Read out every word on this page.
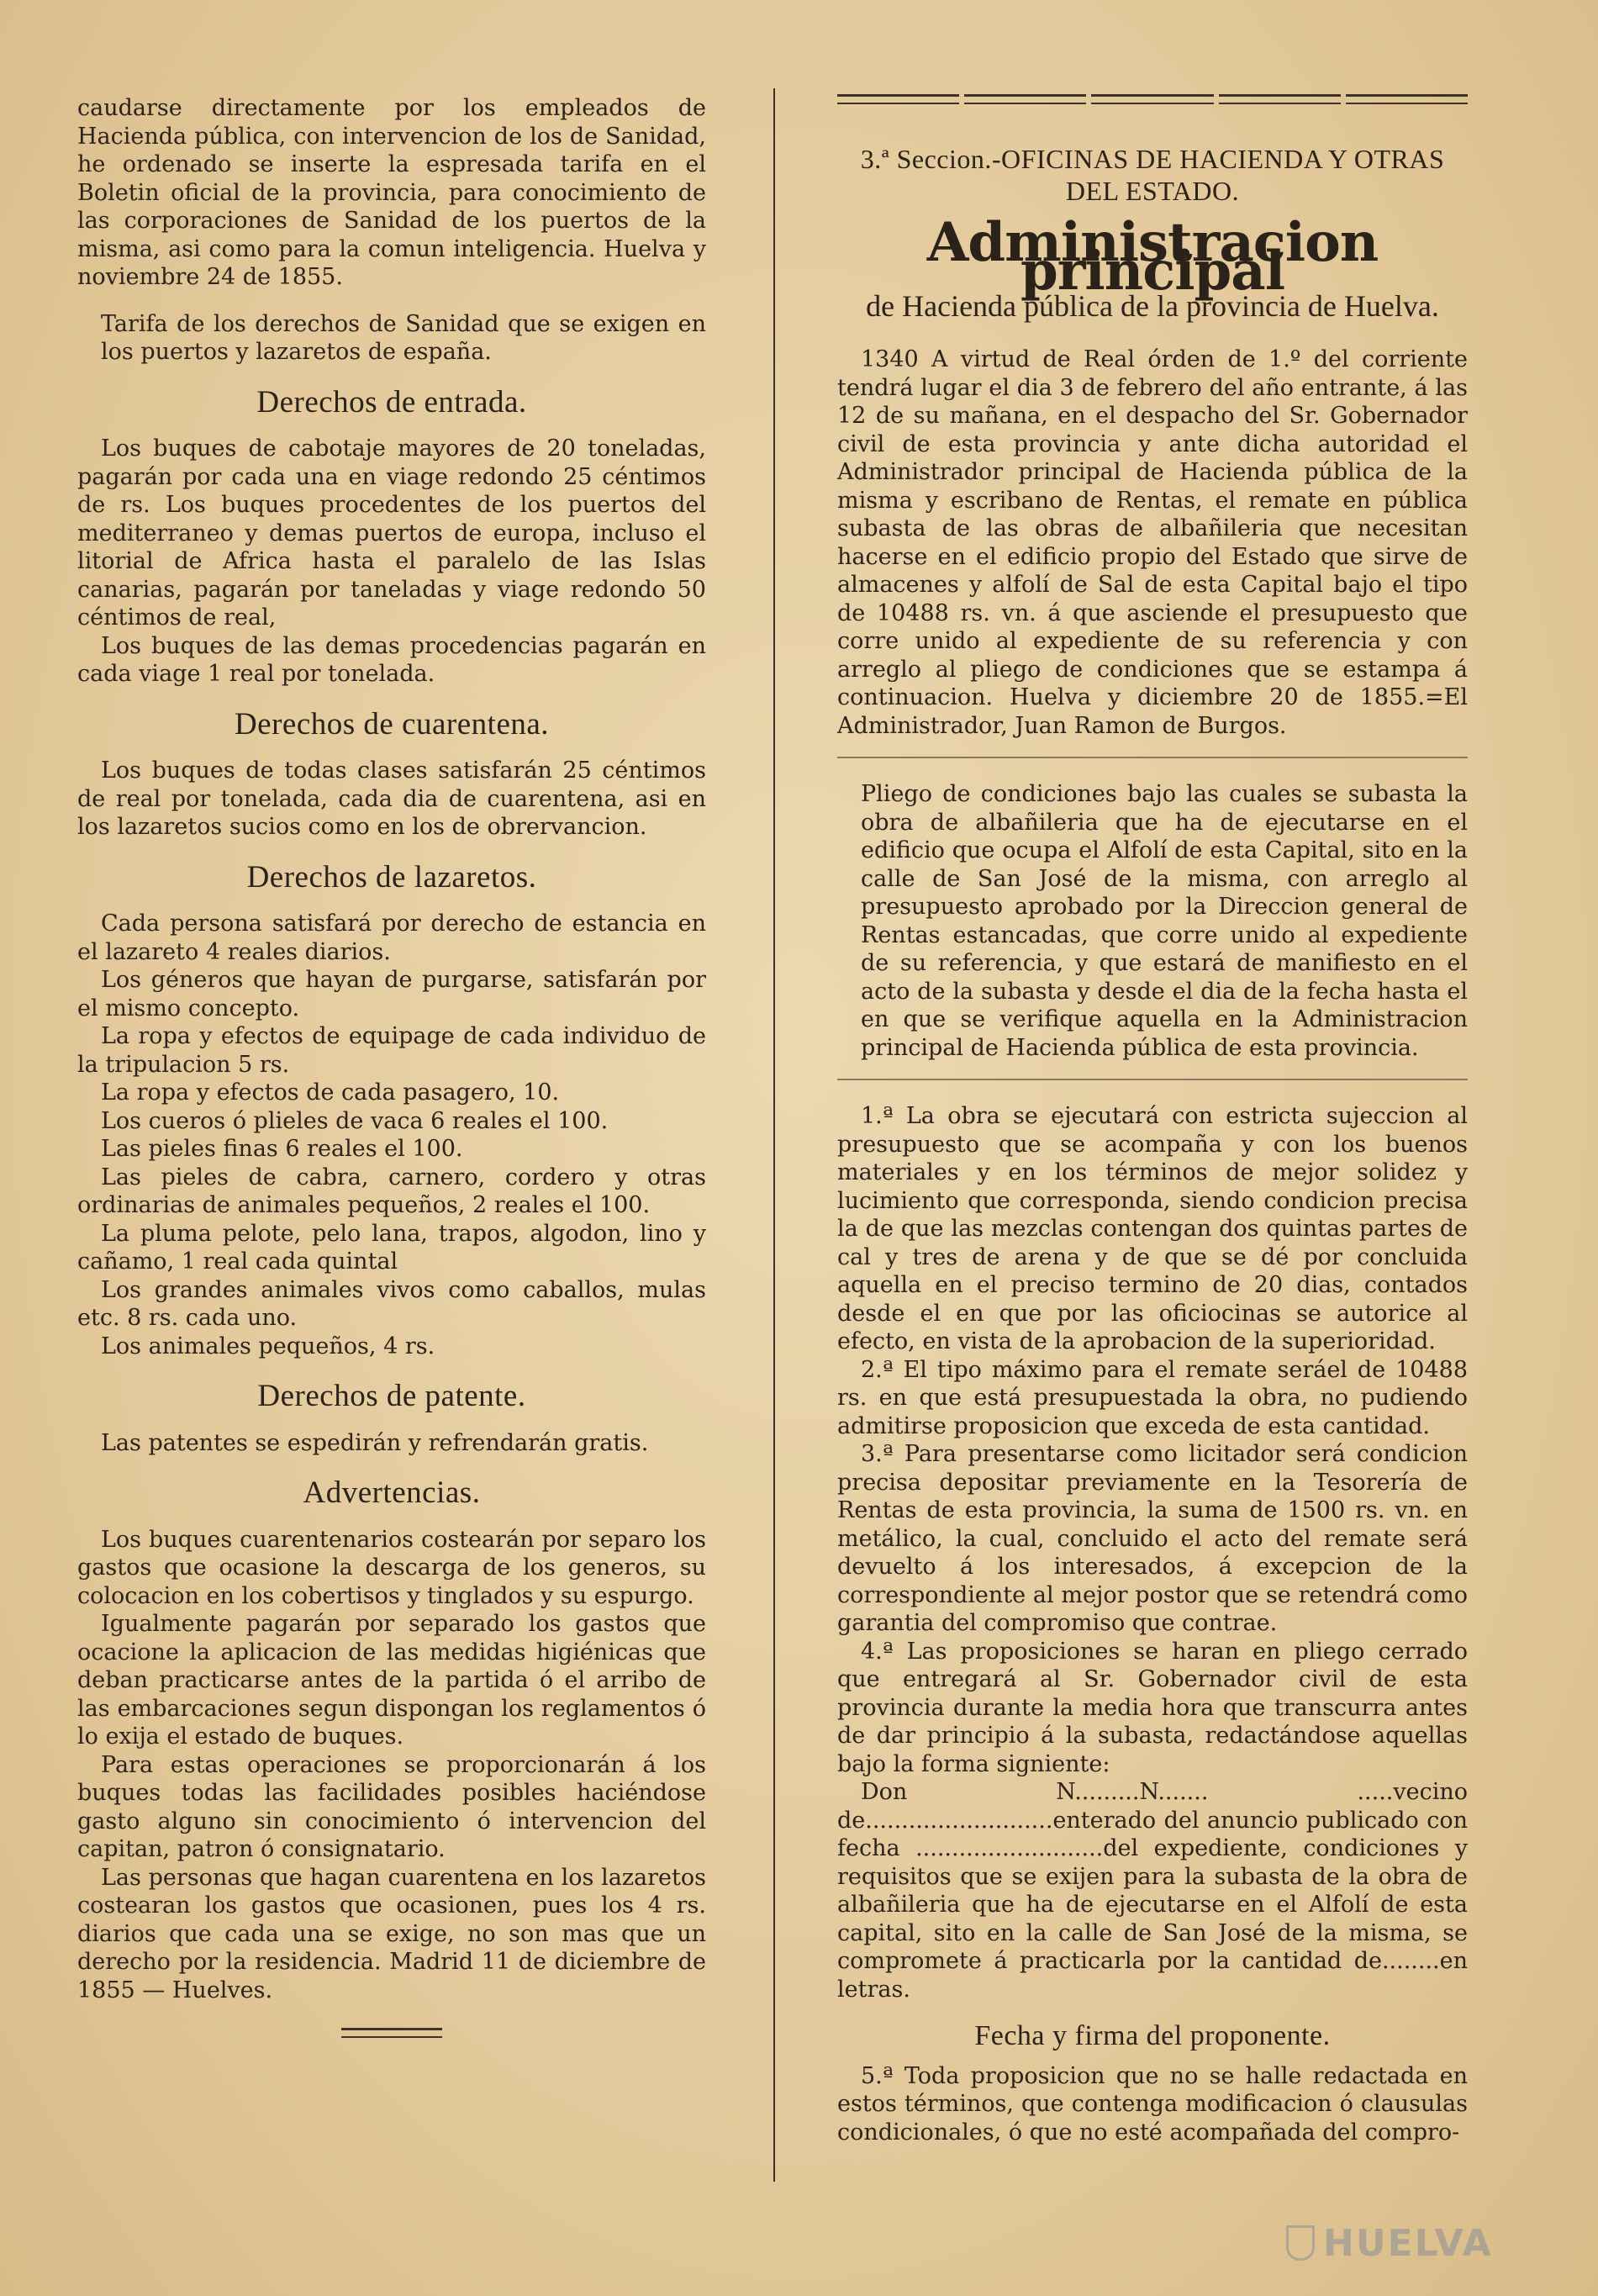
caudarse directamente por los empleados de Hacienda pública, con intervencion de los de Sanidad, he ordenado se inserte la espresada tarifa en el Boletin oficial de la provincia, para conocimiento de las corporaciones de Sanidad de los puertos de la misma, asi como para la comun inteligencia. Huelva y noviembre 24 de 1855.

Tarifa de los derechos de Sanidad que se exigen en los puertos y lazaretos de españa.

Derechos de entrada.

Los buques de cabotaje mayores de 20 toneladas, pagarán por cada una en viage redondo 25 céntimos de rs. Los buques procedentes de los puertos del mediterraneo y demas puertos de europa, incluso el litorial de Africa hasta el paralelo de las Islas canarias, pagarán por taneladas y viage redondo 50 céntimos de real,

Los buques de las demas procedencias pagarán en cada viage 1 real por tonelada.

Derechos de cuarentena.

Los buques de todas clases satisfarán 25 céntimos de real por tonelada, cada dia de cuarentena, asi en los lazaretos sucios como en los de obrervancion.

Derechos de lazaretos.

Cada persona satisfará por derecho de estancia en el lazareto 4 reales diarios.

Los géneros que hayan de purgarse, satisfarán por el mismo concepto.

La ropa y efectos de equipage de cada individuo de la tripulacion 5 rs.

La ropa y efectos de cada pasagero, 10.

Los cueros ó plieles de vaca 6 reales el 100.

Las pieles finas 6 reales el 100.

Las pieles de cabra, carnero, cordero y otras ordinarias de animales pequeños, 2 reales el 100.

La pluma pelote, pelo lana, trapos, algodon, lino y cañamo, 1 real cada quintal

Los grandes animales vivos como caballos, mulas etc. 8 rs. cada uno.

Los animales pequeños, 4 rs.

Derechos de patente.

Las patentes se espedirán y refrendarán gratis.

Advertencias.

Los buques cuarentenarios costearán por separo los gastos que ocasione la descarga de los generos, su colocacion en los cobertisos y tinglados y su espurgo.

Igualmente pagarán por separado los gastos que ocacione la aplicacion de las medidas higiénicas que deban practicarse antes de la partida ó el arribo de las embarcaciones segun dispongan los reglamentos ó lo exija el estado de buques.

Para estas operaciones se proporcionarán á los buques todas las facilidades posibles haciéndose gasto alguno sin conocimiento ó intervencion del capitan, patron ó consignatario.

Las personas que hagan cuarentena en los lazaretos costearan los gastos que ocasionen, pues los 4 rs. diarios que cada una se exige, no son mas que un derecho por la residencia. Madrid 11 de diciembre de 1855 — Huelves.

3.ª Seccion.-OFICINAS DE HACIENDA Y OTRAS DEL ESTADO.
Administracion principal
de Hacienda pública de la provincia de Huelva.

1340 A virtud de Real órden de 1.º del corriente tendrá lugar el dia 3 de febrero del año entrante, á las 12 de su mañana, en el despacho del Sr. Gobernador civil de esta provincia y ante dicha autoridad el Administrador principal de Hacienda pública de la misma y escribano de Rentas, el remate en pública subasta de las obras de albañileria que necesitan hacerse en el edificio propio del Estado que sirve de almacenes y alfolí de Sal de esta Capital bajo el tipo de 10488 rs. vn. á que asciende el presupuesto que corre unido al expediente de su referencia y con arreglo al pliego de condiciones que se estampa á continuacion. Huelva y diciembre 20 de 1855.=El Administrador, Juan Ramon de Burgos.

Pliego de condiciones bajo las cuales se subasta la obra de albañileria que ha de ejecutarse en el edificio que ocupa el Alfolí de esta Capital, sito en la calle de San José de la misma, con arreglo al presupuesto aprobado por la Direccion general de Rentas estancadas, que corre unido al expediente de su referencia, y que estará de manifiesto en el acto de la subasta y desde el dia de la fecha hasta el en que se verifique aquella en la Administracion principal de Hacienda pública de esta provincia.

1.ª La obra se ejecutará con estricta sujeccion al presupuesto que se acompaña y con los buenos materiales y en los términos de mejor solidez y lucimiento que corresponda, siendo condicion precisa la de que las mezclas contengan dos quintas partes de cal y tres de arena y de que se dé por concluida aquella en el preciso termino de 20 dias, contados desde el en que por las oficiocinas se autorice al efecto, en vista de la aprobacion de la superioridad.

2.ª El tipo máximo para el remate seráel de 10488 rs. en que está presupuestada la obra, no pudiendo admitirse proposicion que exceda de esta cantidad.

3.ª Para presentarse como licitador será condicion precisa depositar previamente en la Tesorería de Rentas de esta provincia, la suma de 1500 rs. vn. en metálico, la cual, concluido el acto del remate será devuelto á los interesados, á excepcion de la correspondiente al mejor postor que se retendrá como garantia del compromiso que contrae.

4.ª Las proposiciones se haran en pliego cerrado que entregará al Sr. Gobernador civil de esta provincia durante la media hora que transcurra antes de dar principio á la subasta, redactándose aquellas bajo la forma signiente:

Don N.........N....... .....vecino de..........................enterado del anuncio publicado con fecha ..........................del expediente, condiciones y requisitos que se exijen para la subasta de la obra de albañileria que ha de ejecutarse en el Alfolí de esta capital, sito en la calle de San José de la misma, se compromete á practicarla por la cantidad de........en letras.

Fecha y firma del proponente.

5.ª Toda proposicion que no se halle redactada en estos términos, que contenga modificacion ó clausulas condicionales, ó que no esté acompañada del compro-

HUELVA
